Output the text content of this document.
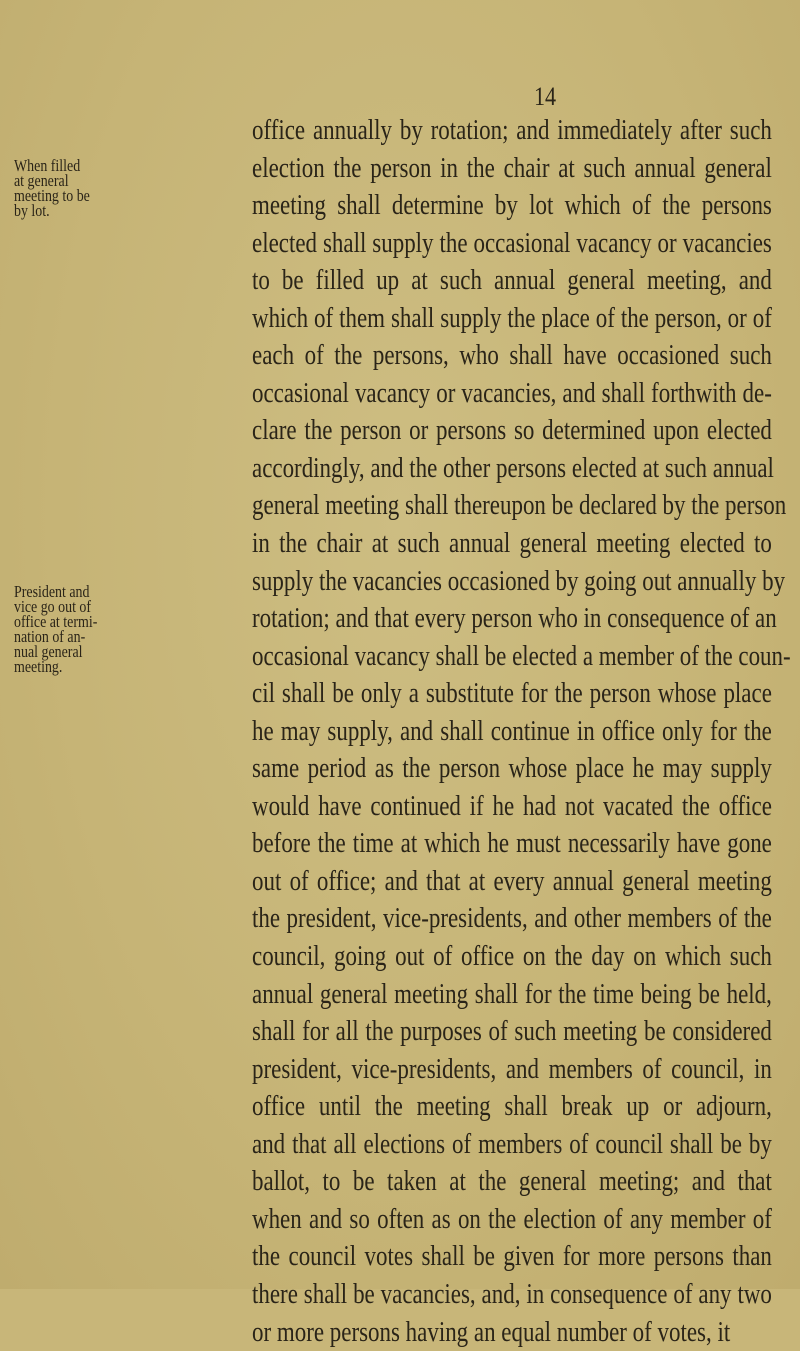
14
When filled
at general
meeting to be
by lot.
President and
vice go out of
office at termi-
nation of an-
nual general
meeting.
office annually by rotation; and immediately after such
election the person in the chair at such annual general
meeting shall determine by lot which of the persons
elected shall supply the occasional vacancy or vacancies
to be filled up at such annual general meeting, and
which of them shall supply the place of the person, or of
each of the persons, who shall have occasioned such
occasional vacancy or vacancies, and shall forthwith de-
clare the person or persons so determined upon elected
accordingly, and the other persons elected at such annual
general meeting shall thereupon be declared by the person
in the chair at such annual general meeting elected to
supply the vacancies occasioned by going out annually by
rotation; and that every person who in consequence of an
occasional vacancy shall be elected a member of the coun-
cil shall be only a substitute for the person whose place
he may supply, and shall continue in office only for the
same period as the person whose place he may supply
would have continued if he had not vacated the office
before the time at which he must necessarily have gone
out of office; and that at every annual general meeting
the president, vice-presidents, and other members of the
council, going out of office on the day on which such
annual general meeting shall for the time being be held,
shall for all the purposes of such meeting be considered
president, vice-presidents, and members of council, in
office until the meeting shall break up or adjourn,
and that all elections of members of council shall be by
ballot, to be taken at the general meeting; and that
when and so often as on the election of any member of
the council votes shall be given for more persons than
there shall be vacancies, and, in consequence of any two
or more persons having an equal number of votes, it
